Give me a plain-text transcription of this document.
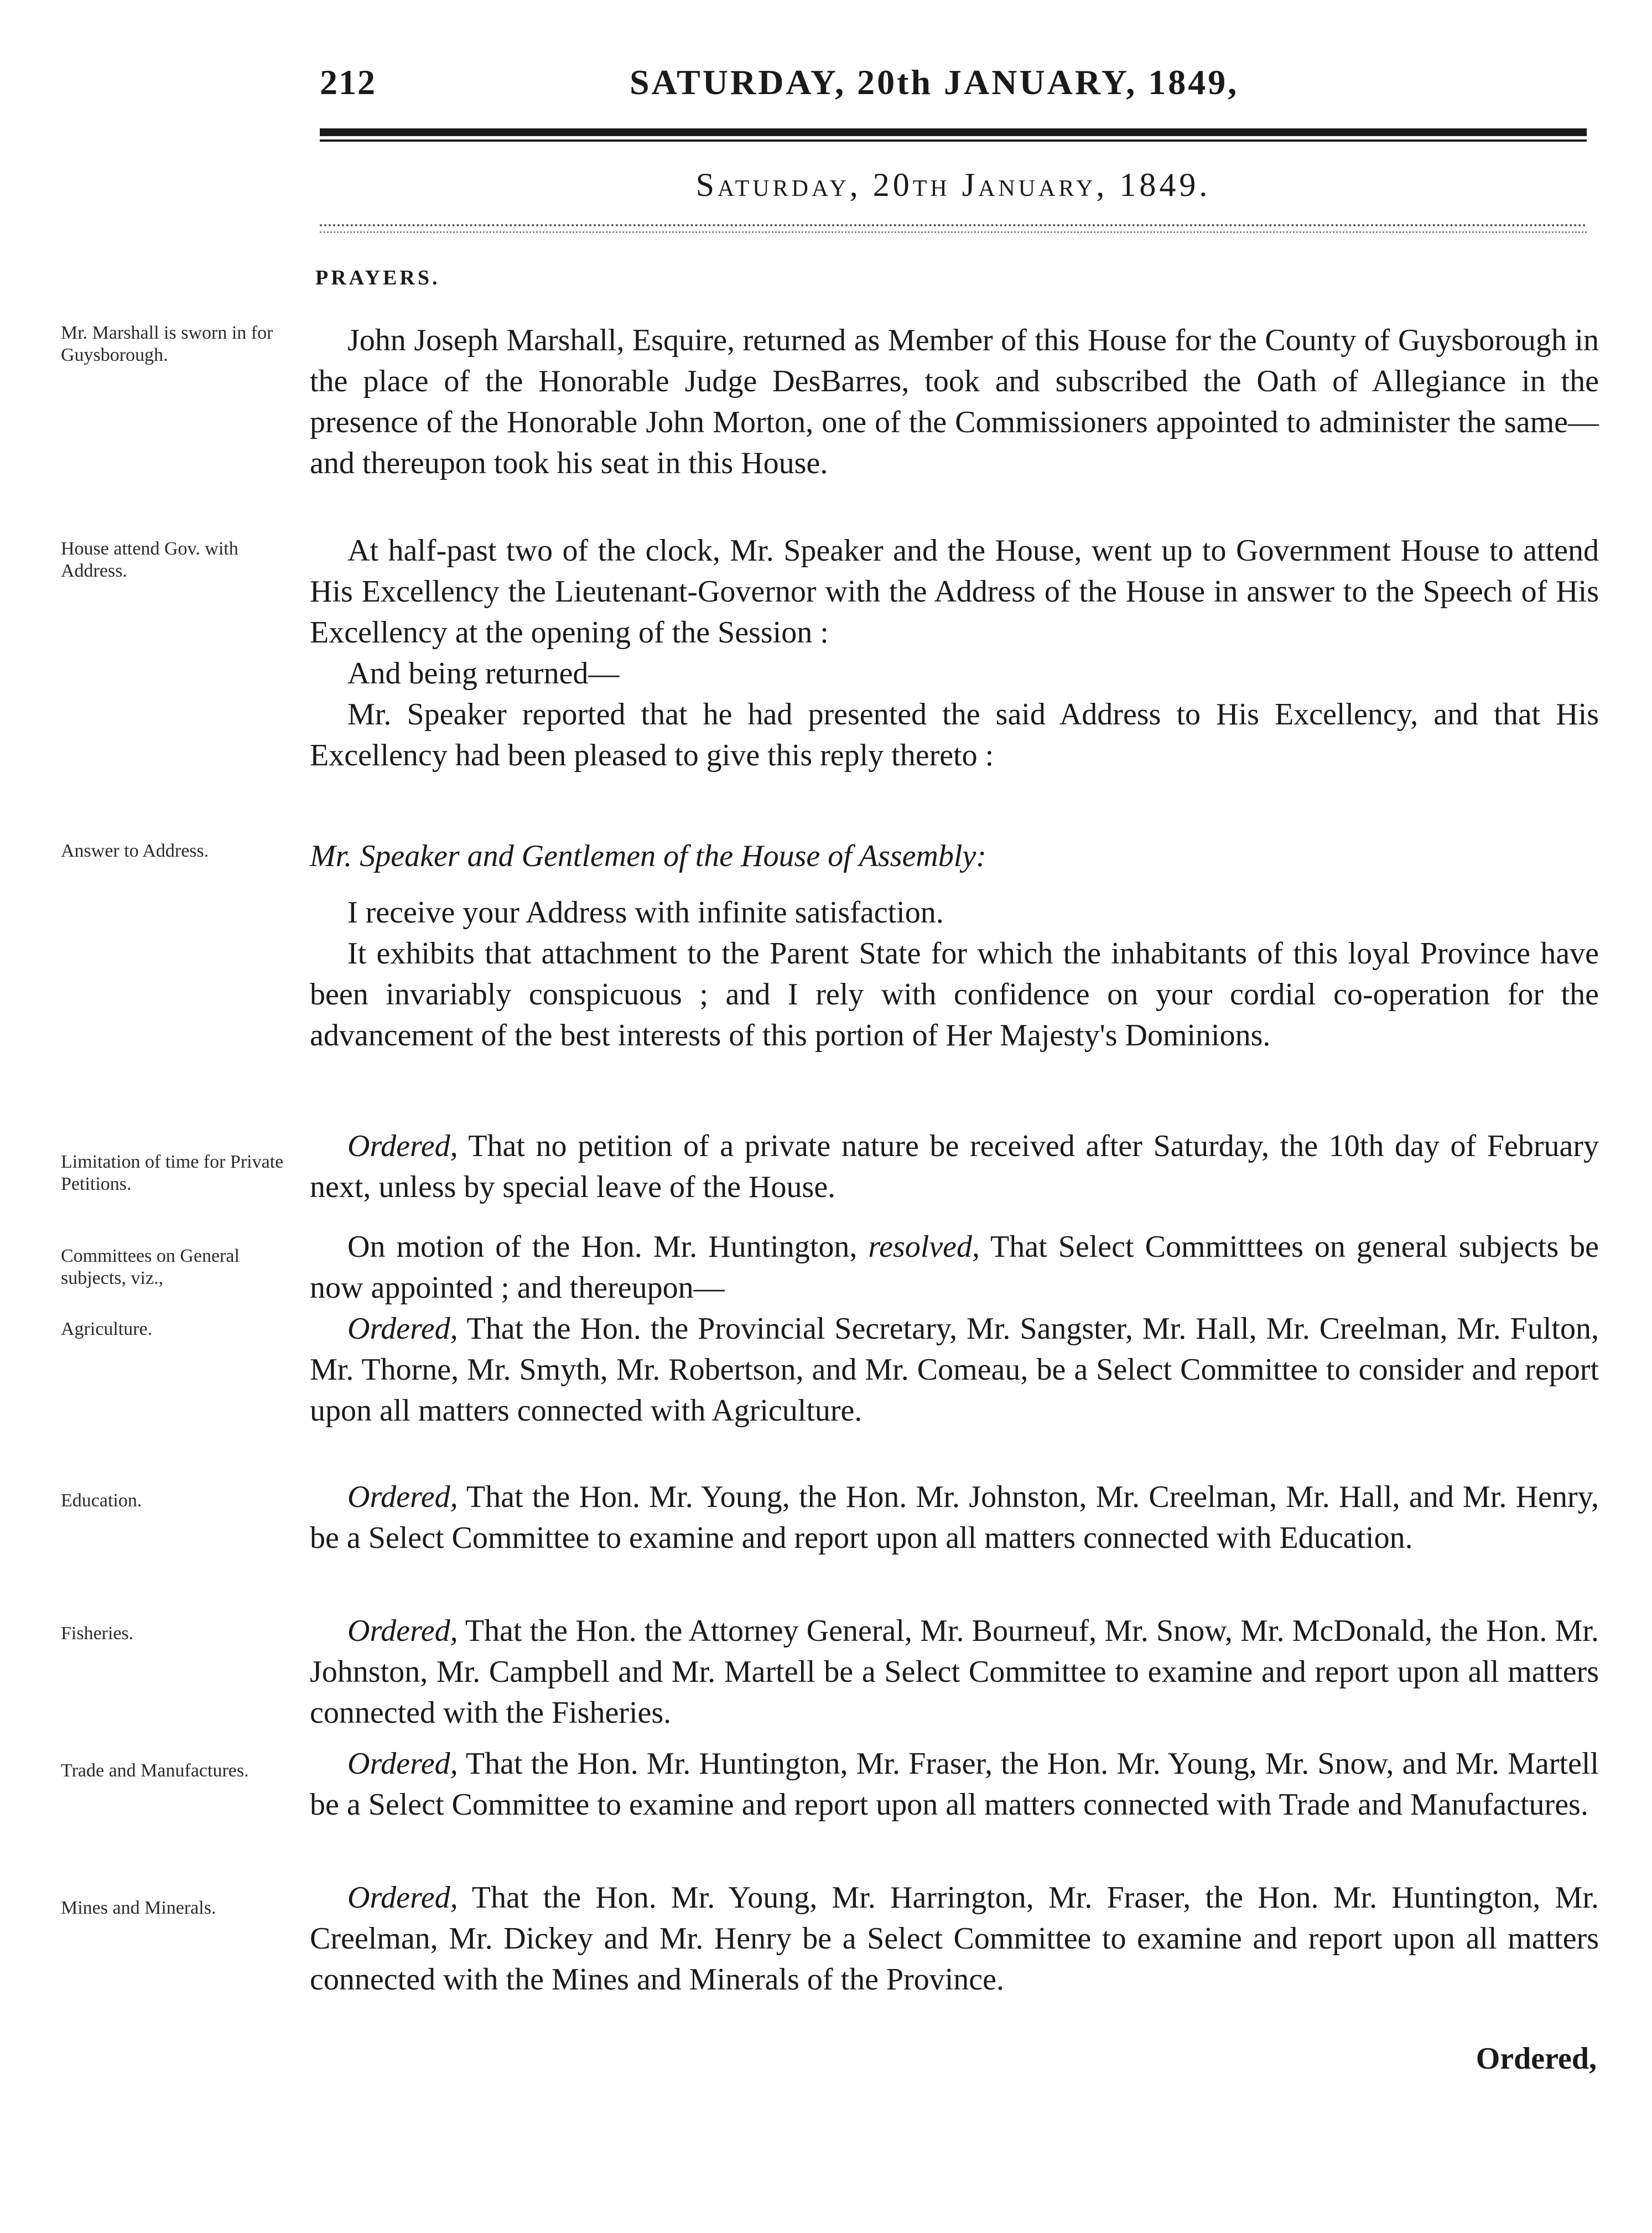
212	SATURDAY, 20th JANUARY, 1849,
Saturday, 20th January, 1849.
PRAYERS.
Mr. Marshall is sworn in for Guysborough.	John Joseph Marshall, Esquire, returned as Member of this House for the County of Guysborough in the place of the Honorable Judge DesBarres, took and subscribed the Oath of Allegiance in the presence of the Honorable John Morton, one of the Commissioners appointed to administer the same—and thereupon took his seat in this House.

House attend Gov. with Address.

At half-past two of the clock, Mr. Speaker and the House, went up to Government House to attend His Excellency the Lieutenant-Governor with the Address of the House in answer to the Speech of His Excellency at the opening of the Session :

And being returned—

Mr. Speaker reported that he had presented the said Address to His Excellency, and that His Excellency had been pleased to give this reply thereto :

Answer to Address.	Mr. Speaker and Gentlemen of the House of Assembly:

I receive your Address with infinite satisfaction.

It exhibits that attachment to the Parent State for which the inhabitants of this loyal Province have been invariably conspicuous ; and I rely with confidence on your cordial co-operation for the advancement of the best interests of this portion of Her Majesty's Dominions.

Limitation of time for Private Petitions.

Ordered, That no petition of a private nature be received after Saturday, the 10th day of February next, unless by special leave of the House.

Committees on General subjects, viz.,
Agriculture.

On motion of the Hon. Mr. Huntington, resolved, That Select Committtees on general subjects be now appointed ; and thereupon—

Ordered, That the Hon. the Provincial Secretary, Mr. Sangster, Mr. Hall, Mr. Creelman, Mr. Fulton, Mr. Thorne, Mr. Smyth, Mr. Robertson, and Mr. Comeau, be a Select Committee to consider and report upon all matters connected with Agriculture.

Education.	Ordered, That the Hon. Mr. Young, the Hon. Mr. Johnston, Mr. Creelman, Mr. Hall, and Mr. Henry, be a Select Committee to examine and report upon all matters connected with Education.

Fisheries.	Ordered, That the Hon. the Attorney General, Mr. Bourneuf, Mr. Snow, Mr. McDonald, the Hon. Mr. Johnston, Mr. Campbell and Mr. Martell be a Select Committee to examine and report upon all matters connected with the Fisheries.

Trade and Manufactures.	Ordered, That the Hon. Mr. Huntington, Mr. Fraser, the Hon. Mr. Young, Mr. Snow, and Mr. Martell be a Select Committee to examine and report upon all matters connected with Trade and Manufactures.

Mines and Minerals.	Ordered, That the Hon. Mr. Young, Mr. Harrington, Mr. Fraser, the Hon. Mr. Huntington, Mr. Creelman, Mr. Dickey and Mr. Henry be a Select Committee to examine and report upon all matters connected with the Mines and Minerals of the Province.

Ordered,
